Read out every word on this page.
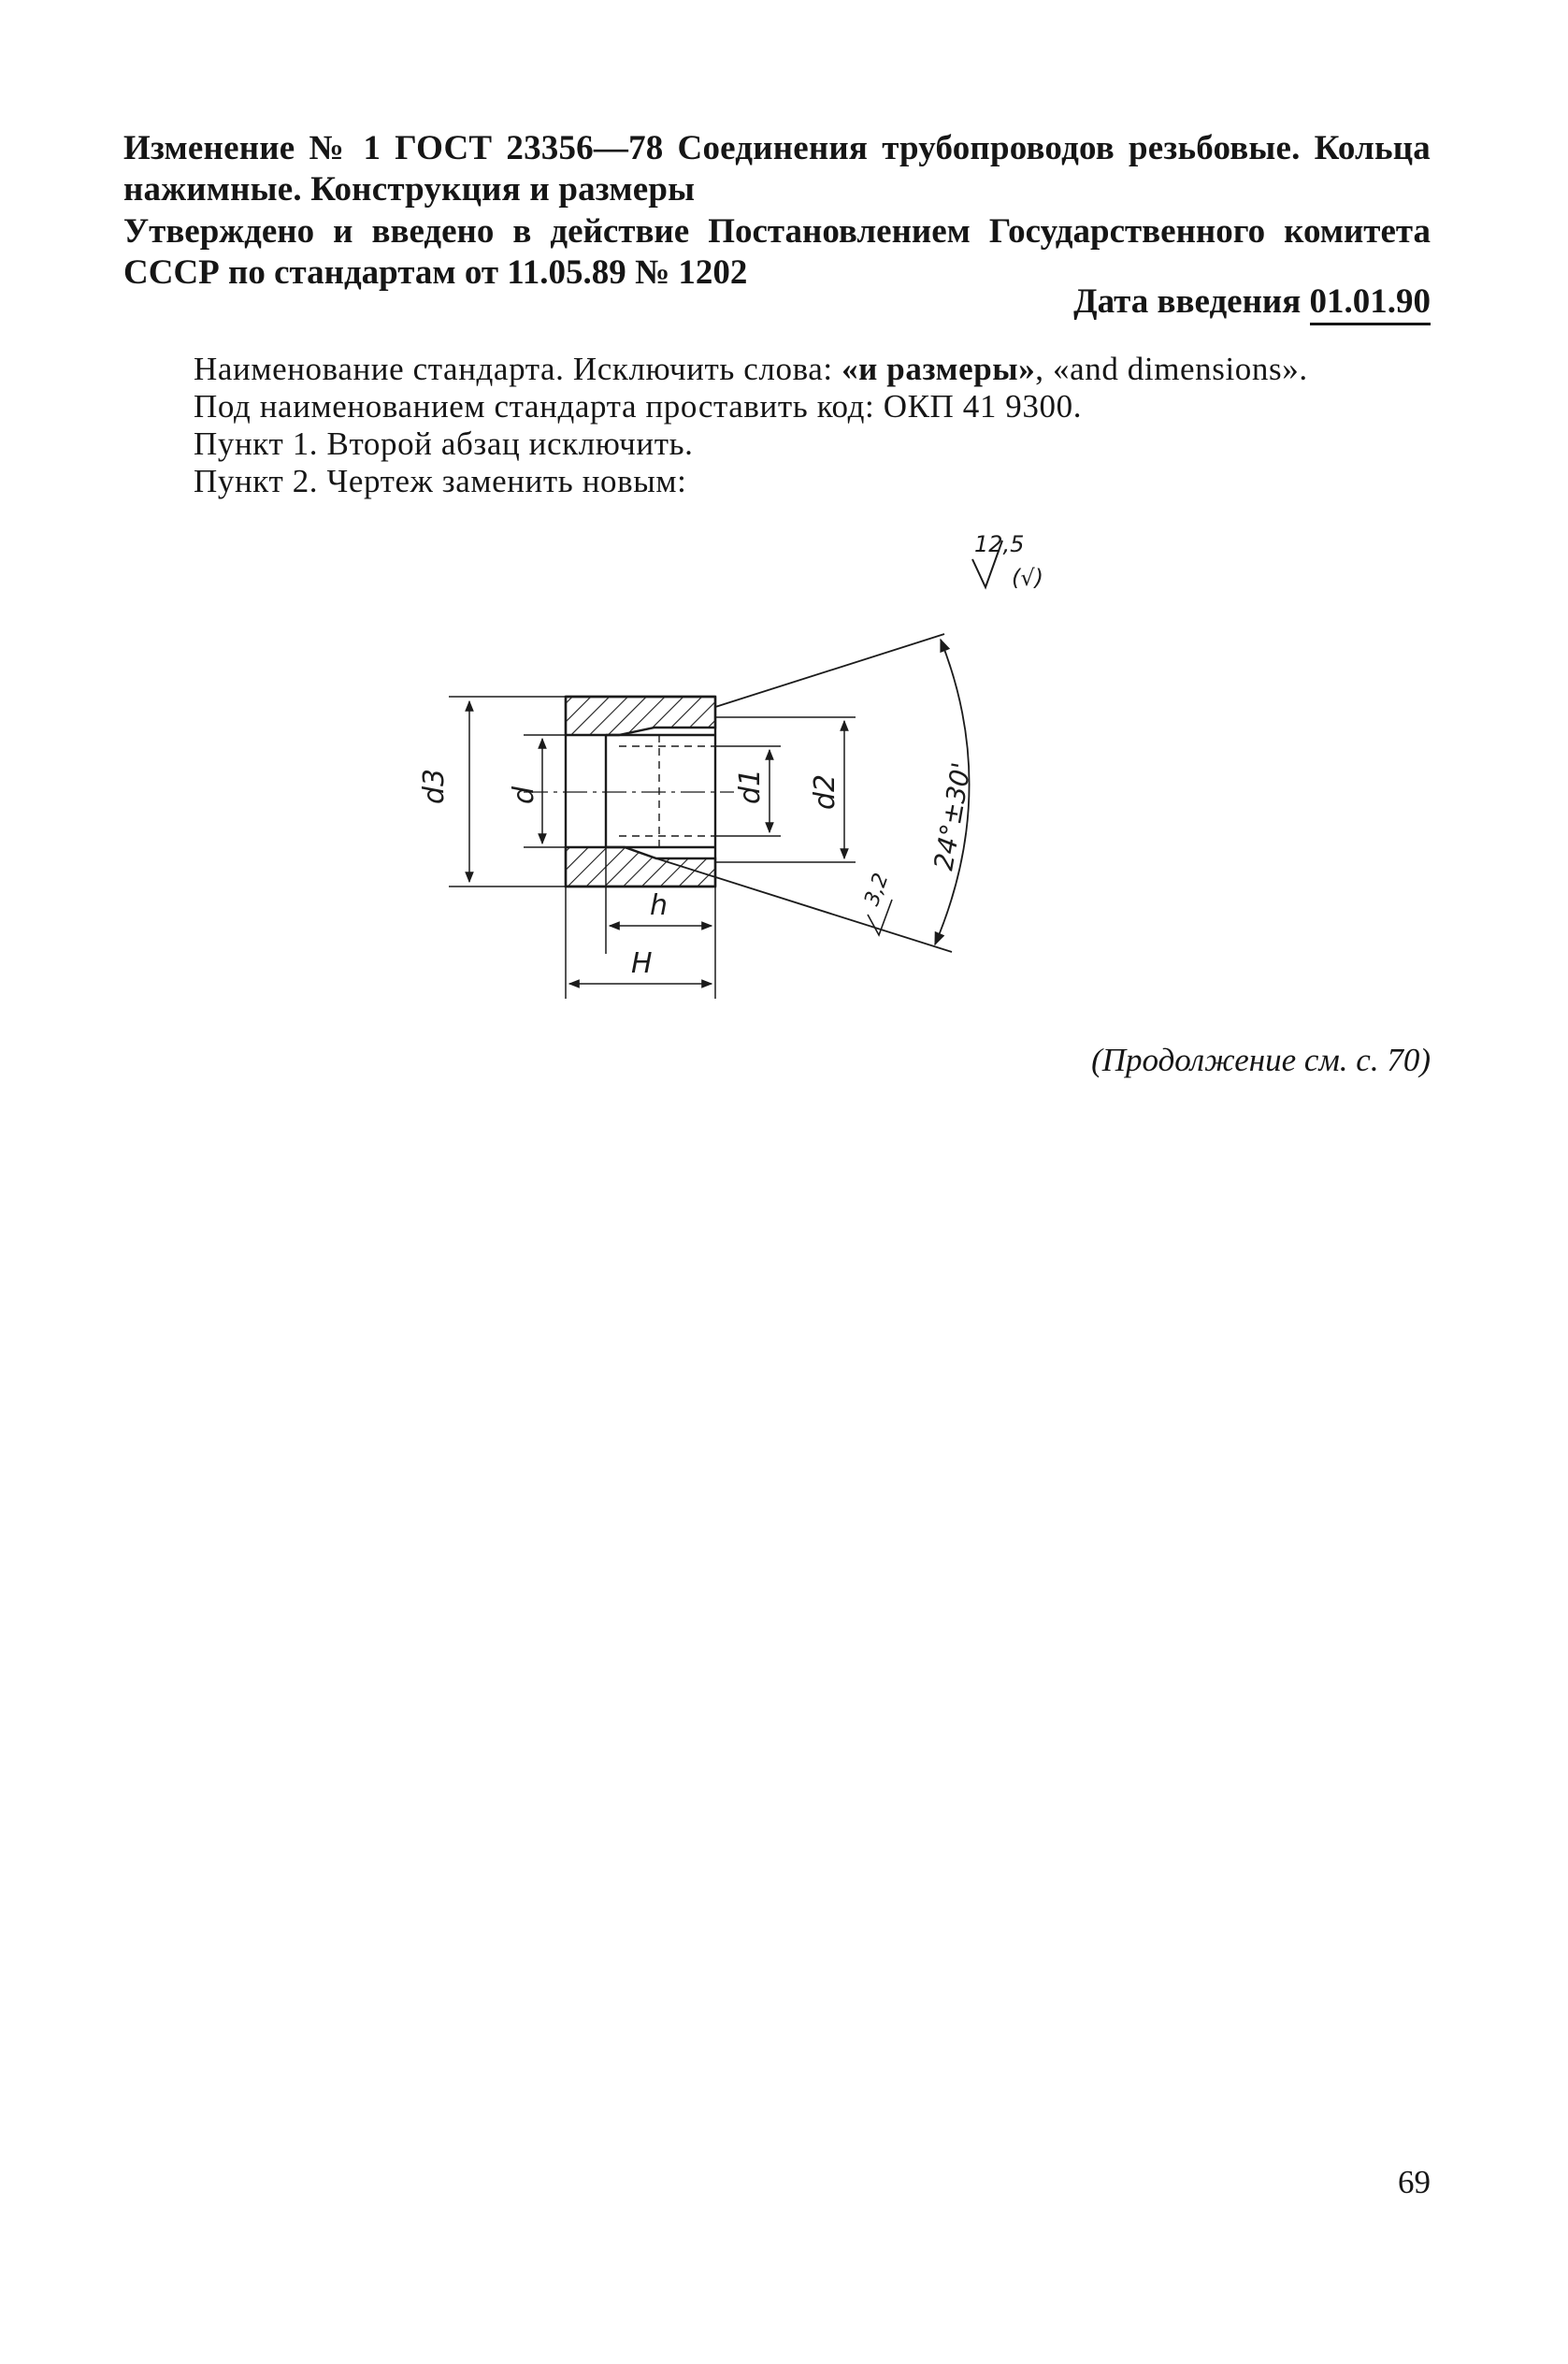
Изменение № 1 ГОСТ 23356—78 Соединения трубопроводов резьбовые. Кольца нажимные. Конструкция и размеры
Утверждено и введено в действие Постановлением Государственного комитета СССР по стандартам от 11.05.89 № 1202
Дата введения 01.01.90
Наименование стандарта. Исключить слова: «и размеры», «and dimensions».
Под наименованием стандарта проставить код: ОКП 41 9300.
Пункт 1. Второй абзац исключить.
Пункт 2. Чертеж заменить новым:
12,5
(√)
d3 d	d1 d2
h
H
3,2
24°±30'
(Продолжение см. с. 70)
69
